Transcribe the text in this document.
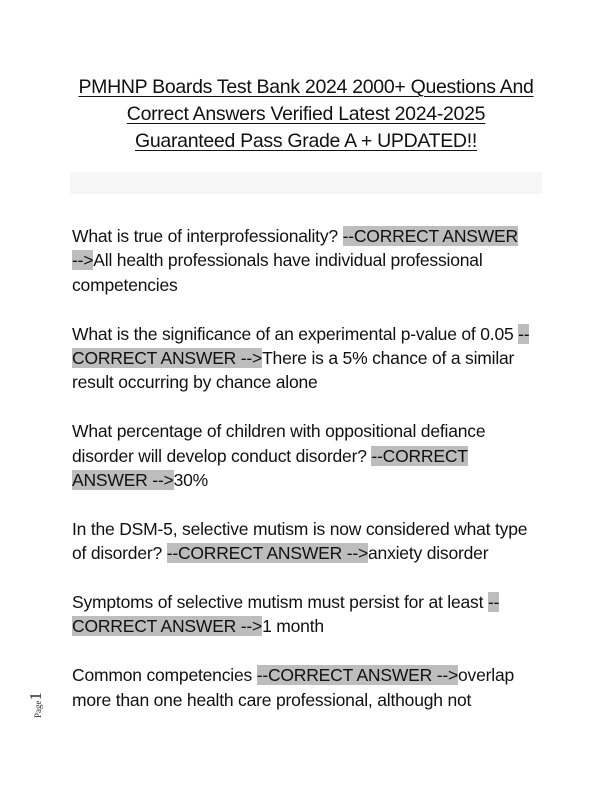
PMHNP Boards Test Bank 2024 2000+ Questions And
Correct Answers Verified Latest 2024-2025
Guaranteed Pass Grade A + UPDATED!!

What is true of interprofessionality? --CORRECT ANSWER
-->All health professionals have individual professional competencies

What is the significance of an experimental p-value of 0.05 --CORRECT ANSWER -->There is a 5% chance of a similar result occurring by chance alone

What percentage of children with oppositional defiance disorder will develop conduct disorder? --CORRECT
ANSWER -->30%

In the DSM-5, selective mutism is now considered what type of disorder? --CORRECT ANSWER -->anxiety disorder

Symptoms of selective mutism must persist for at least --
CORRECT ANSWER -->1 month

Common competencies --CORRECT ANSWER -->overlap more than one health care professional, although not

Page1
